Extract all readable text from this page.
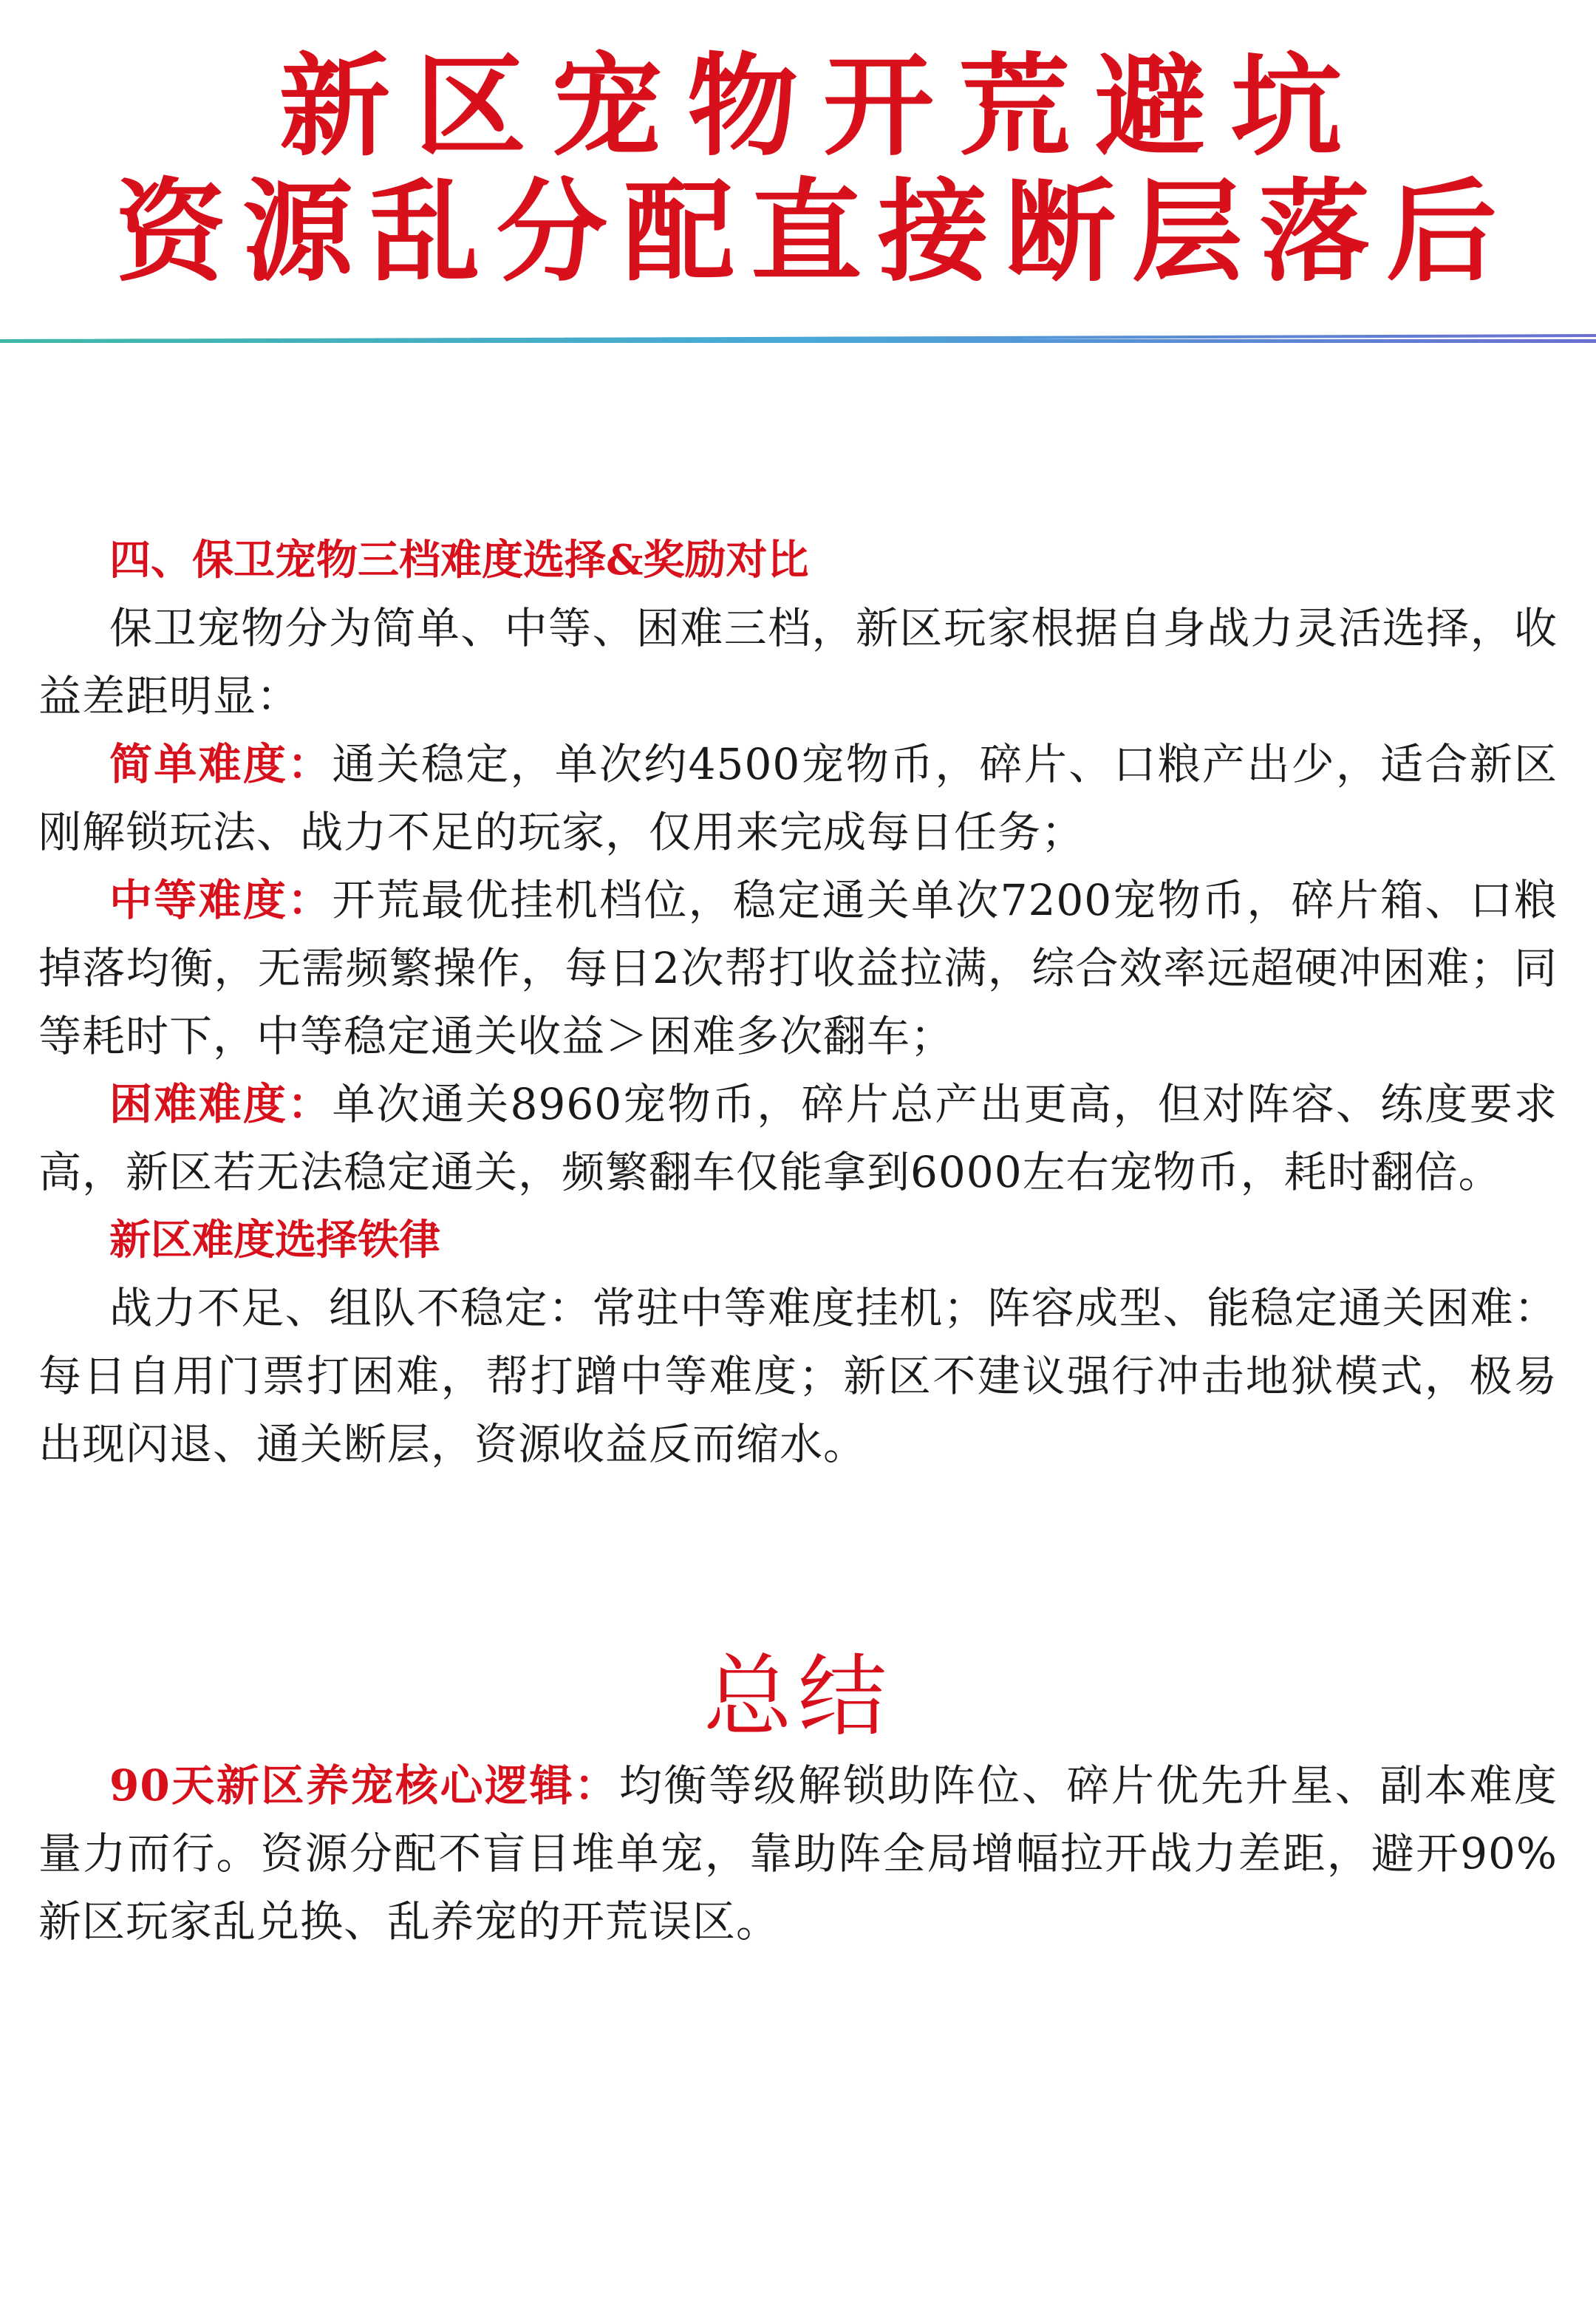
新区宠物开荒避坑
资源乱分配直接断层落后
四、保卫宠物三档难度选择&奖励对比

保卫宠物分为简单、中等、困难三档，新区玩家根据自身战力灵活选择，收益差距明显：

简单难度：通关稳定，单次约4500宠物币，碎片、口粮产出少，适合新区刚解锁玩法、战力不足的玩家，仅用来完成每日任务；

中等难度：开荒最优挂机档位，稳定通关单次7200宠物币，碎片箱、口粮掉落均衡，无需频繁操作，每日2次帮打收益拉满，综合效率远超硬冲困难；同等耗时下，中等稳定通关收益＞困难多次翻车；

困难难度：单次通关8960宠物币，碎片总产出更高，但对阵容、练度要求高，新区若无法稳定通关，频繁翻车仅能拿到6000左右宠物币，耗时翻倍。

新区难度选择铁律

战力不足、组队不稳定：常驻中等难度挂机；阵容成型、能稳定通关困难：每日自用门票打困难，帮打蹭中等难度；新区不建议强行冲击地狱模式，极易出现闪退、通关断层，资源收益反而缩水。

总结

90天新区养宠核心逻辑：均衡等级解锁助阵位、碎片优先升星、副本难度量力而行。资源分配不盲目堆单宠，靠助阵全局增幅拉开战力差距，避开90%新区玩家乱兑换、乱养宠的开荒误区。
